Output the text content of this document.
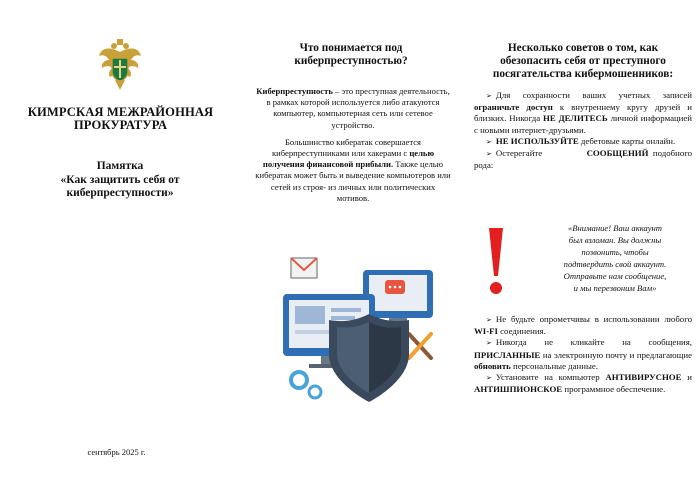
КИМРСКАЯ МЕЖРАЙОННАЯ
ПРОКУРАТУРА
Памятка
«Как защитить себя от
киберпреступности»
сентябрь 2025 г.
Что понимается под
киберпреступностью?

Киберпреступность – это преступная деятельность, в рамках которой используется либо атакуются компьютер, компьютерная сеть или сетевое устройство.

Большинство кибератак совершается киберпреступниками или хакерами с целью получения финансовой прибыли. Также целью кибератак может быть и выведение компьютеров или сетей из строя- из личных или политических мотивов.

Несколько советов о том, как
обезопасить себя от преступного
посягательства кибермошенников:
➢ Для сохранности ваших учетных записей ограничьте доступ к внутреннему кругу друзей и близких. Никогда НЕ ДЕЛИТЕСЬ личной информацией с новыми интернет-друзьями.
➢ НЕ ИСПОЛЬЗУЙТЕ дебетовые карты онлайн.
➢ Остерегайте	СООБЩЕНИЙ подобного рода:
«Внимание! Ваш аккаунт
был взломан. Вы должны
позвонить, чтобы
подтвердить свой аккаунт.
Отправьте нам сообщение,
и мы перезвоним Вам»
➢ Не будьте опрометчивы в использовании любого WI-FI соединения.
➢ Никогда не кликайте на сообщения, ПРИСЛАННЫЕ на электронную почту и предлагающие обновить персональные данные.
➢ Установите на компьютер АНТИВИРУСНОЕ и АНТИШПИОНСКОЕ программное обеспечение.
